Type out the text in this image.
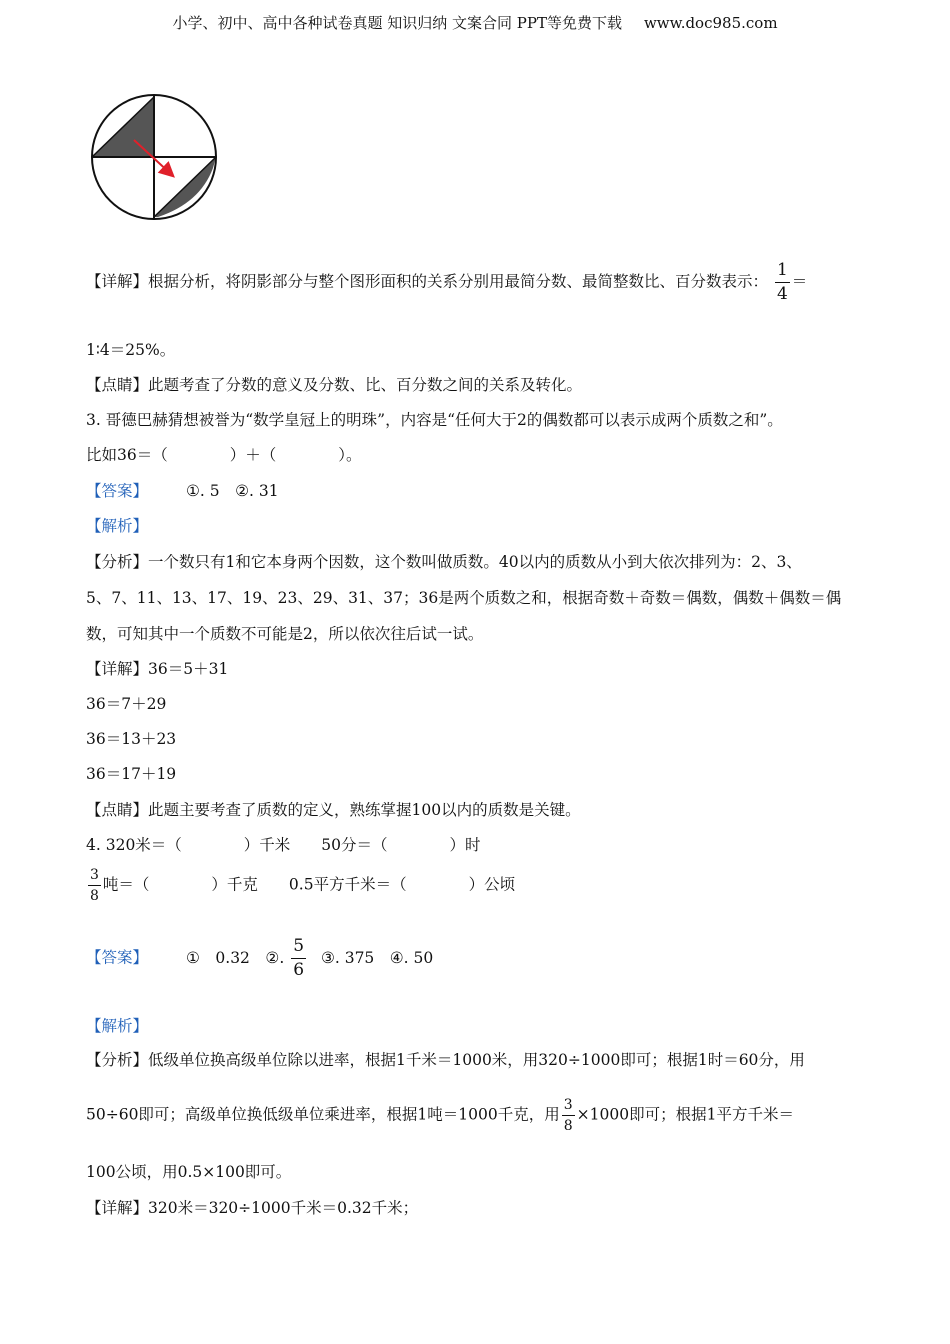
小学、初中、高中各种试卷真题 知识归纳 文案合同 PPT等免费下载 www.doc985.com
【详解】根据分析，将阴影部分与整个图形面积的关系分别用最简分数、最简整数比、百分数表示： $\frac{1}{4}$ ＝
1∶4＝25%。
【点睛】此题考查了分数的意义及分数、比、百分数之间的关系及转化。
3. 哥德巴赫猜想被誉为“数学皇冠上的明珠”，内容是“任何大于2的偶数都可以表示成两个质数之和”。
比如36＝（　　　　）＋（　　　　）。
【答案】 ①. 5　②. 31
【解析】
【分析】一个数只有1和它本身两个因数，这个数叫做质数。40以内的质数从小到大依次排列为：2、3、
5、7、11、13、17、19、23、29、31、37；36是两个质数之和，根据奇数＋奇数＝偶数，偶数＋偶数＝偶
数，可知其中一个质数不可能是2，所以依次往后试一试。
【详解】36＝5＋31
36＝7＋29
36＝13＋23
36＝17＋19
【点睛】此题主要考查了质数的定义，熟练掌握100以内的质数是关键。
4. 320米＝（　　　　）千米　　50分＝（　　　　）时
$\frac{3}{8}$ 吨＝（　　　　）千克　　0.5平方千米＝（　　　　）公顷
【答案】 ①　0.32　②. $\frac{5}{6}$ ③. 375　④. 50
【解析】
【分析】低级单位换高级单位除以进率，根据1千米＝1000米，用320÷1000即可；根据1时＝60分，用
50÷60即可；高级单位换低级单位乘进率，根据1吨＝1000千克，用 $\frac{3}{8} \times 1000$即可；根据1平方千米＝
100公顷，用0.5×100即可。
【详解】320米＝320÷1000千米＝0.32千米；
